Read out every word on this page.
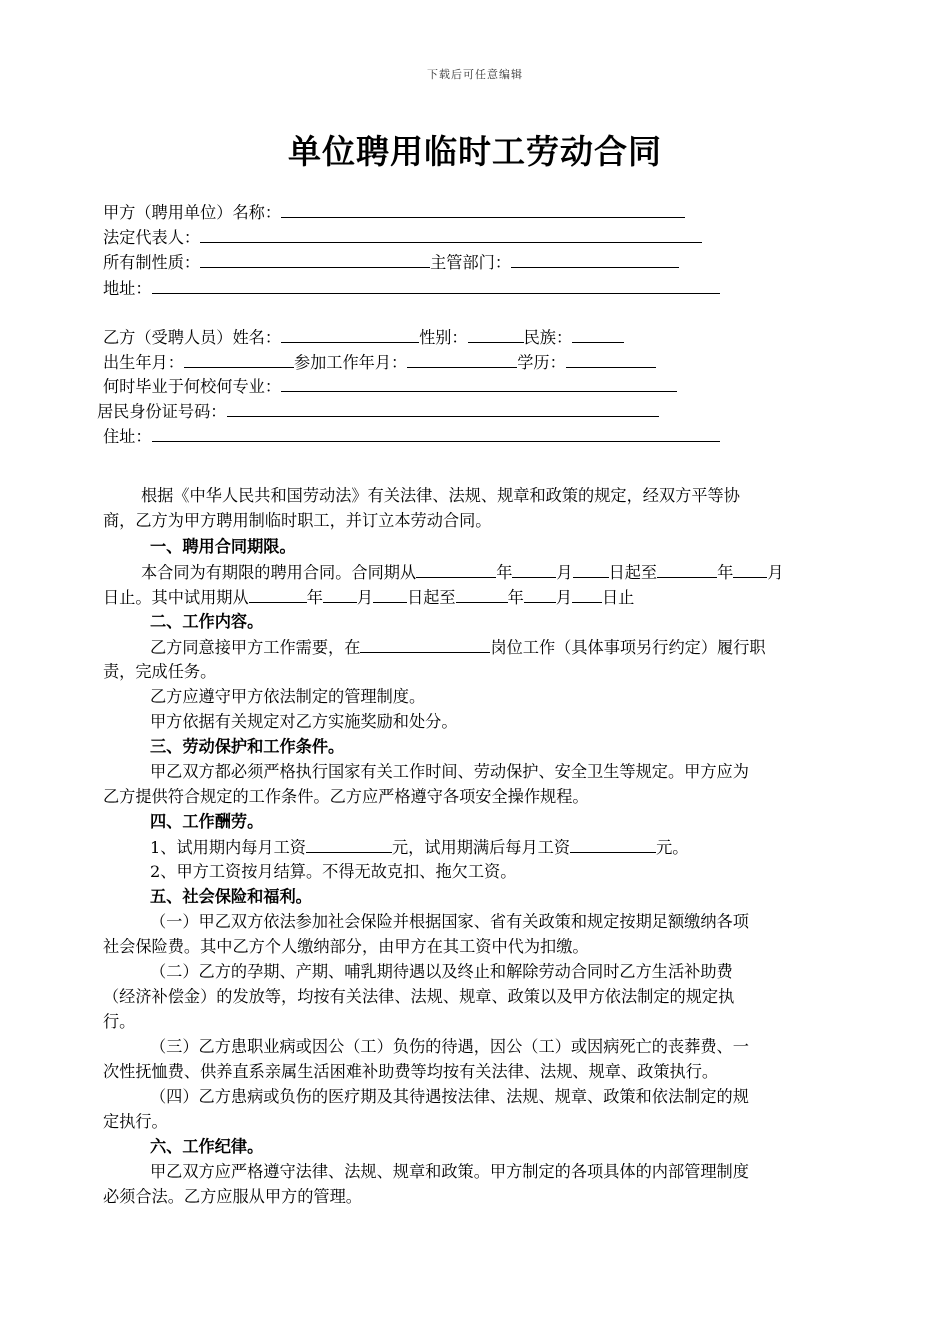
下载后可任意编辑
单位聘用临时工劳动合同
甲方（聘用单位）名称：
法定代表人：
所有制性质：	主管部门：
地址：
乙方（受聘人员）姓名：	性别：	民族：
出生年月：	参加工作年月：	学历：
何时毕业于何校何专业：
居民身份证号码：
住址：
根据《中华人民共和国劳动法》有关法律、法规、规章和政策的规定，经双方平等协
商，乙方为甲方聘用制临时职工，并订立本劳动合同。
一、聘用合同期限。
本合同为有期限的聘用合同。合同期从	年	月 日起至	年 月
日止。其中试用期从	年 月 日起至	年 月 日止
二、工作内容。
乙方同意接甲方工作需要，在	岗位工作（具体事项另行约定）履行职
责，完成任务。
乙方应遵守甲方依法制定的管理制度。
甲方依据有关规定对乙方实施奖励和处分。
三、劳动保护和工作条件。
甲乙双方都必须严格执行国家有关工作时间、劳动保护、安全卫生等规定。甲方应为
乙方提供符合规定的工作条件。乙方应严格遵守各项安全操作规程。
四、工作酬劳。
1、试用期内每月工资	元，试用期满后每月工资	元。
2、甲方工资按月结算。不得无故克扣、拖欠工资。
五、社会保险和福利。
（一）甲乙双方依法参加社会保险并根据国家、省有关政策和规定按期足额缴纳各项
社会保险费。其中乙方个人缴纳部分，由甲方在其工资中代为扣缴。
（二）乙方的孕期、产期、哺乳期待遇以及终止和解除劳动合同时乙方生活补助费
（经济补偿金）的发放等，均按有关法律、法规、规章、政策以及甲方依法制定的规定执
行。
（三）乙方患职业病或因公（工）负伤的待遇，因公（工）或因病死亡的丧葬费、一
次性抚恤费、供养直系亲属生活困难补助费等均按有关法律、法规、规章、政策执行。
（四）乙方患病或负伤的医疗期及其待遇按法律、法规、规章、政策和依法制定的规
定执行。
六、工作纪律。
甲乙双方应严格遵守法律、法规、规章和政策。甲方制定的各项具体的内部管理制度
必须合法。乙方应服从甲方的管理。
